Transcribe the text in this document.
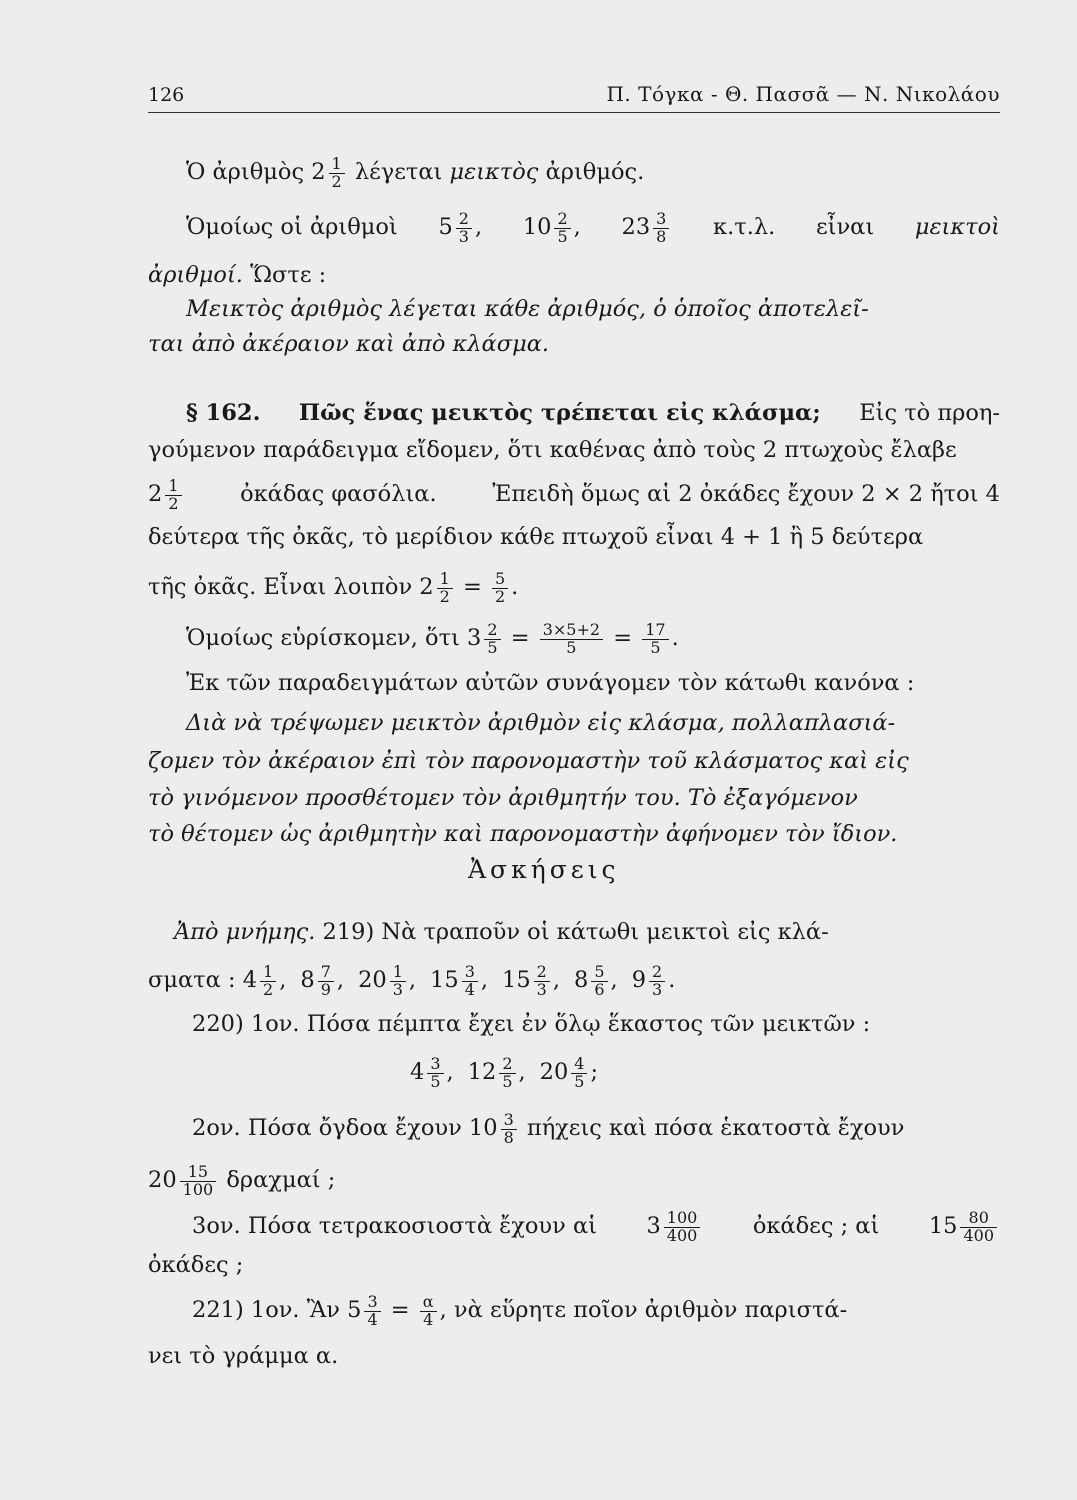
126	Π. Τόγκα - Θ. Πασσᾶ — Ν. Νικολάου
Ὁ ἀριθμὸς $2 \frac{1}{2}$ λέγεται μεικτὸς ἀριθμός.
Ὁμοίως οἱ ἀριθμοὶ $5 \frac{2}{3}$ , $10 \frac{2}{5}$ , $23 \frac{3}{8} \kappa.\tau.\lambda$. εἶναι μεικτοὶ
ἀριθμοί. Ὥστε :
Μεικτὸς ἀριθμὸς λέγεται κάθε ἀριθμός, ὁ ὁποῖος ἀποτελεῖ-
ται ἀπὸ ἀκέραιον καὶ ἀπὸ κλάσμα.
§ 162. Πῶς ἕνας μεικτὸς τρέπεται εἰς κλάσμα; Εἰς τὸ προη-
γούμενον παράδειγμα εἴδομεν, ὅτι καθένας ἀπὸ τοὺς 2 πτωχοὺς ἔλαβε
$2 \frac{1}{2}$	ὀκάδας φασόλια. Ἐπειδὴ ὅμως αἱ 2 ὀκάδες ἔχουν 2 × 2 ἤτοι 4
δεύτερα τῆς ὀκᾶς, τὸ μερίδιον κάθε πτωχοῦ εἶναι 4 + 1 ἢ 5 δεύτερα
τῆς ὀκᾶς. Εἶναι λοιπὸν $2 \frac{1}{2} = \frac{5}{2}$ .
Ὁμοίως εὑρίσκομεν, ὅτι $3 \frac{2}{5} = \frac{3\times 5+2}{5} = \frac{17}{5}$ .
Ἐκ τῶν παραδειγμάτων αὐτῶν συνάγομεν τὸν κάτωθι κανόνα :
Διὰ νὰ τρέψωμεν μεικτὸν ἀριθμὸν εἰς κλάσμα, πολλαπλασιά-
ζομεν τὸν ἀκέραιον ἐπὶ τὸν παρονομαστὴν τοῦ κλάσματος καὶ εἰς
τὸ γινόμενον προσθέτομεν τὸν ἀριθμητήν του. Τὸ ἐξαγόμενον
τὸ θέτομεν ὡς ἀριθμητὴν καὶ παρονομαστὴν ἀφήνομεν τὸν ἴδιον.
Ἀσκήσεις
Ἀπὸ μνήμης. 219) Νὰ τραποῦν οἱ κάτωθι μεικτοὶ εἰς κλά-
σματα : $4 \frac{1}{2}$ , $8 \frac{7}{9}$ , $20 \frac{1}{3}$ , $15 \frac{3}{4}$ , $15 \frac{2}{3}$ , $8 \frac{5}{6}$ , $9 \frac{2}{3}$ .
220) 1ον. Πόσα πέμπτα ἔχει ἐν ὅλῳ ἕκαστος τῶν μεικτῶν :
$4 \frac{3}{5}$ , $12 \frac{2}{5}$ , $20 \frac{4}{5}$ ;
2ον. Πόσα ὄγδοα ἔχουν $10 \frac{3}{8}$ πήχεις καὶ πόσα ἑκατοστὰ ἔχουν
$20 \frac{15}{100}$ δραχμαί ;
3ον. Πόσα τετρακοσιοστὰ ἔχουν αἱ $3 \frac{100}{400}$ ὀκάδες ; αἱ $15 \frac{80}{400}$
ὀκάδες ;
221) 1ον. Ἂν $5 \frac{3}{4} = \frac{\alpha}{4}$ , νὰ εὕρητε ποῖον ἀριθμὸν παριστά-
νει τὸ γράμμα α.
